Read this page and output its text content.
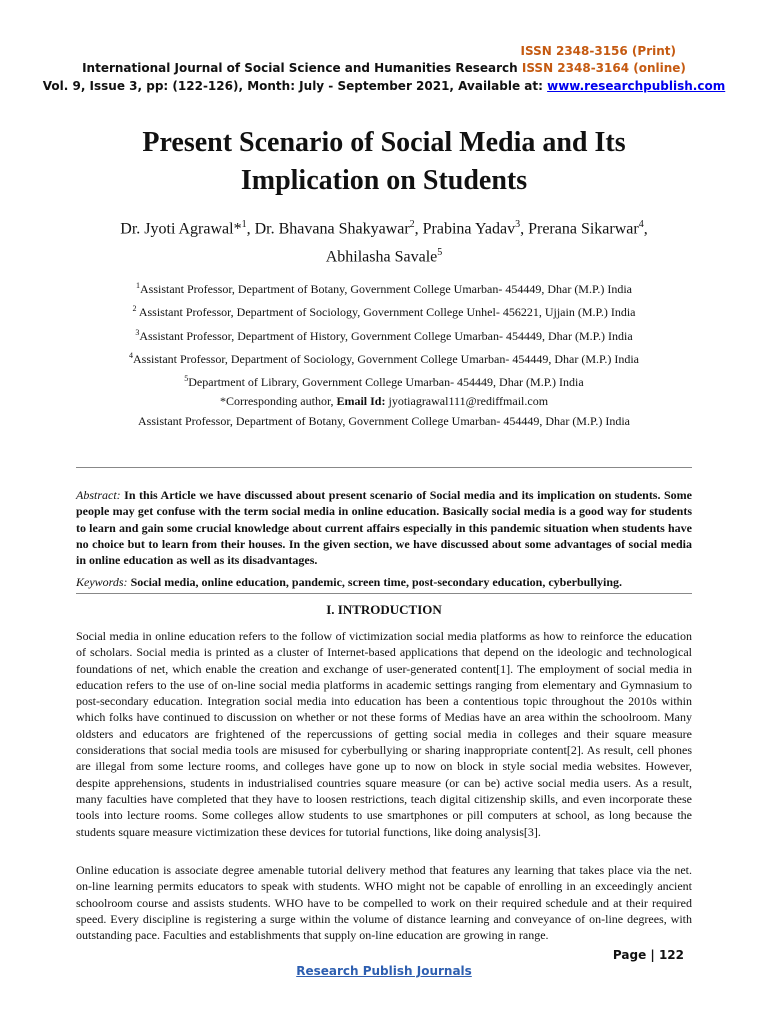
ISSN 2348-3156 (Print)
International Journal of Social Science and Humanities Research ISSN 2348-3164 (online)
Vol. 9, Issue 3, pp: (122-126), Month: July - September 2021, Available at: www.researchpublish.com
Present Scenario of Social Media and Its
Implication on Students
Dr. Jyoti Agrawal*$^1$, Dr. Bhavana Shakyawar$^2$, Prabina Yadav$^3$, Prerana Sikarwar$^4$,
Abhilasha Savale$^5$
$^1$Assistant Professor, Department of Botany, Government College Umarban- 454449, Dhar (M.P.) India
$^2$ Assistant Professor, Department of Sociology, Government College Unhel- 456221, Ujjain (M.P.) India
$^3$Assistant Professor, Department of History, Government College Umarban- 454449, Dhar (M.P.) India
$^4$Assistant Professor, Department of Sociology, Government College Umarban- 454449, Dhar (M.P.) India
$^5$Department of Library, Government College Umarban- 454449, Dhar (M.P.) India
*Corresponding author, Email Id: jyotiagrawal111@rediffmail.com
Assistant Professor, Department of Botany, Government College Umarban- 454449, Dhar (M.P.) India
Abstract: In this Article we have discussed about present scenario of Social media and its implication on students. Some people may get confuse with the term social media in online education. Basically social media is a good way for students to learn and gain some crucial knowledge about current affairs especially in this pandemic situation when students have no choice but to learn from their houses. In the given section, we have discussed about some advantages of social media in online education as well as its disadvantages.
Keywords: Social media, online education, pandemic, screen time, post-secondary education, cyberbullying.
I. INTRODUCTION
Social media in online education refers to the follow of victimization social media platforms as how to reinforce the education of scholars. Social media is printed as a cluster of Internet-based applications that depend on the ideologic and technological foundations of net, which enable the creation and exchange of user-generated content[1]. The employment of social media in education refers to the use of on-line social media platforms in academic settings ranging from elementary and Gymnasium to post-secondary education. Integration social media into education has been a contentious topic throughout the 2010s within which folks have continued to discussion on whether or not these forms of Medias have an area within the schoolroom. Many oldsters and educators are frightened of the repercussions of getting social media in colleges and their square measure considerations that social media tools are misused for cyberbullying or sharing inappropriate content[2]. As result, cell phones are illegal from some lecture rooms, and colleges have gone up to now on block in style social media websites. However, despite apprehensions, students in industrialised countries square measure (or can be) active social media users. As a result, many faculties have completed that they have to loosen restrictions, teach digital citizenship skills, and even incorporate these tools into lecture rooms. Some colleges allow students to use smartphones or pill computers at school, as long because the students square measure victimization these devices for tutorial functions, like doing analysis[3].
Online education is associate degree amenable tutorial delivery method that features any learning that takes place via the net. on-line learning permits educators to speak with students. WHO might not be capable of enrolling in an exceedingly ancient schoolroom course and assists students. WHO have to be compelled to work on their required schedule and at their required speed. Every discipline is registering a surge within the volume of distance learning and conveyance of on-line degrees, with outstanding pace. Faculties and establishments that supply on-line education are growing in range.
Page | 122
Research Publish Journals
